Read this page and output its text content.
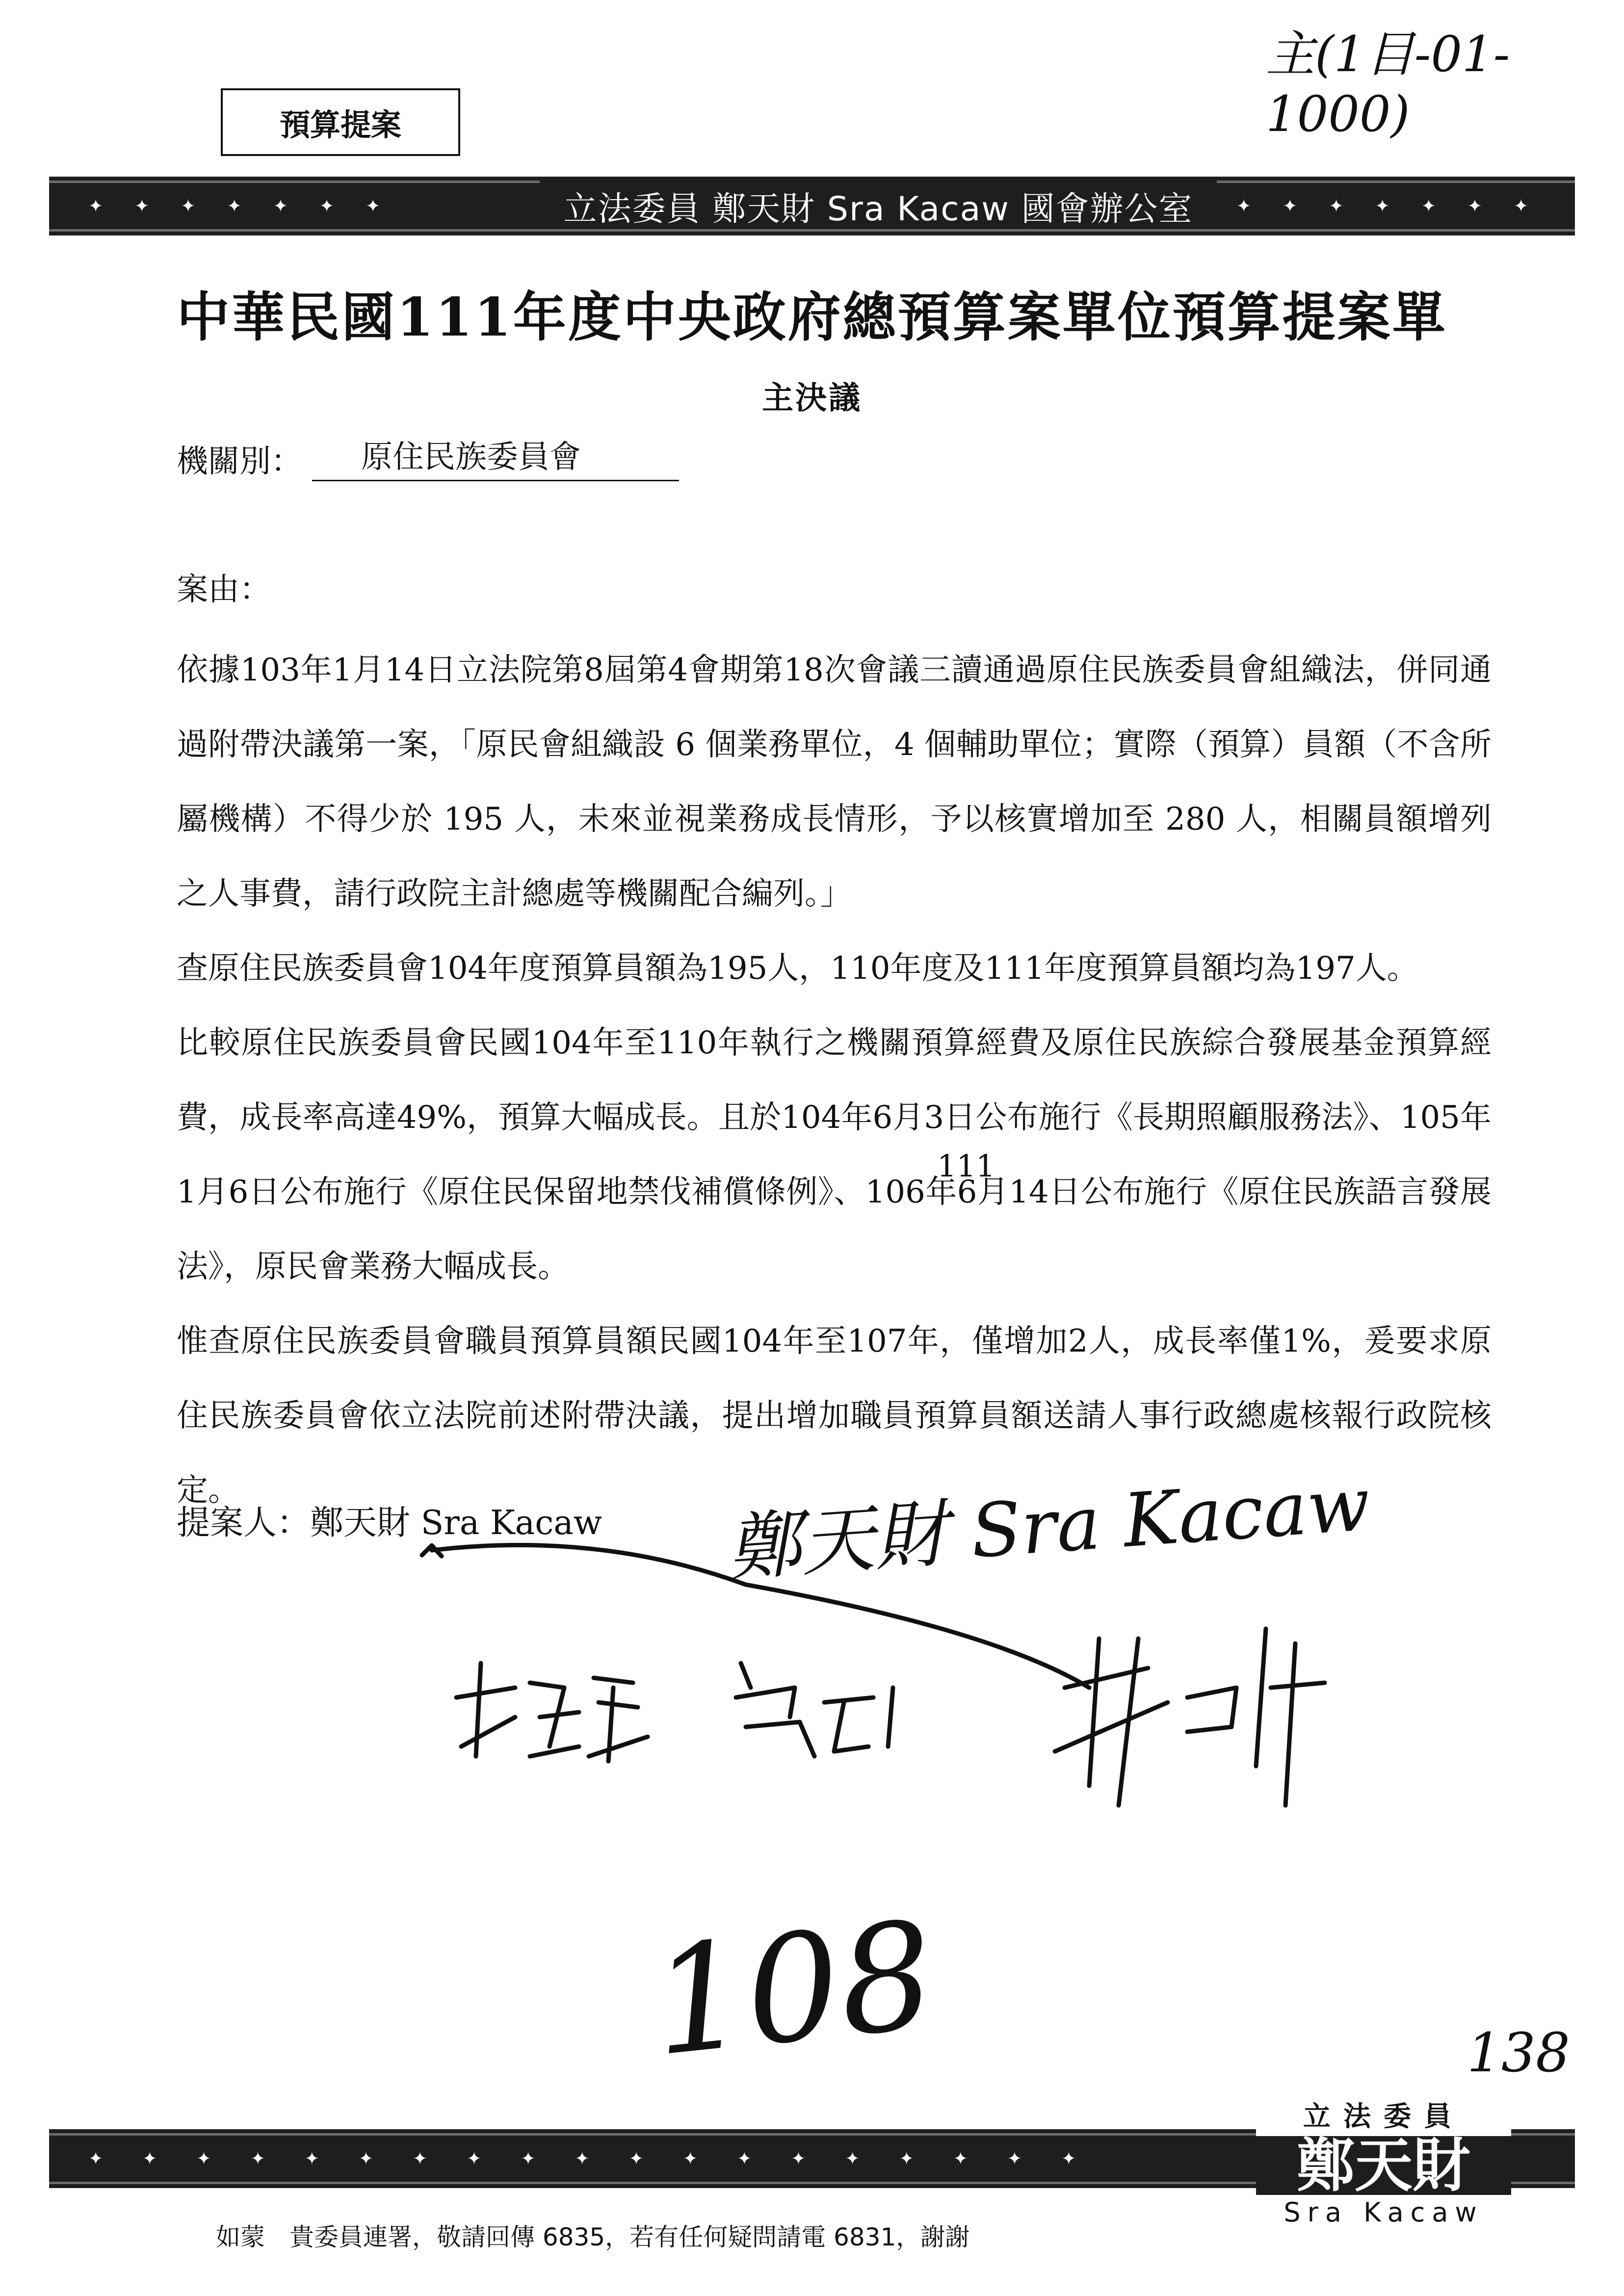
主(1目-01-1000)
預算提案
✦ ✦ ✦ ✦ ✦ ✦ ✦	立法委員 鄭天財 Sra Kacaw 國會辦公室	✦ ✦ ✦ ✦ ✦ ✦ ✦
中華民國111年度中央政府總預算案單位預算提案單
主決議
機關別：	原住民族委員會
案由：

依據103年1月14日立法院第8屆第4會期第18次會議三讀通過原住民族委員會組織法，併同通過附帶決議第一案，「原民會組織設 6 個業務單位，4 個輔助單位；實際（預算）員額（不含所屬機構）不得少於 195 人，未來並視業務成長情形，予以核實增加至 280 人，相關員額增列之人事費，請行政院主計總處等機關配合編列。」

查原住民族委員會104年度預算員額為195人，110年度及111年度預算員額均為197人。

比較原住民族委員會民國104年至110年執行之機關預算經費及原住民族綜合發展基金預算經費，成長率高達49%，預算大幅成長。且於104年6月3日公布施行《長期照顧服務法》、105年1月6日公布施行《原住民保留地禁伐補償條例》、106年6月14日公布施行《原住民族語言發展法》，原民會業務大幅成長。

惟查原住民族委員會職員預算員額民國104年至107年，僅增加2人，成長率僅1%，爰要求原住民族委員會依立法院前述附帶決議，提出增加職員預算員額送請人事行政總處核報行政院核定。

111
提案人：鄭天財 Sra Kacaw 鄭天財 Sra Kacaw
108	138
✦ ✦ ✦ ✦ ✦ ✦ ✦ ✦ ✦ ✦ ✦ ✦ ✦ ✦ ✦ ✦ ✦ ✦ ✦
立法委員
鄭天財
Sra Kacaw
如蒙　貴委員連署，敬請回傳 6835，若有任何疑問請電 6831，謝謝
